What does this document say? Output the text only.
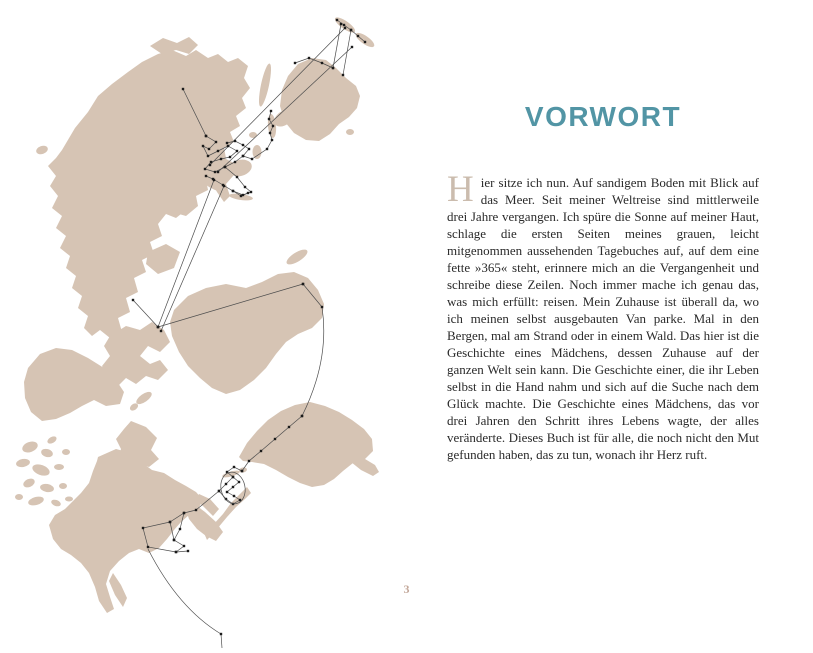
VORWORT

Hier sitze ich nun. Auf sandigem Boden mit Blick auf das Meer. Seit meiner Weltreise sind mittlerweile drei Jahre vergangen. Ich spüre die Sonne auf meiner Haut, schlage die ersten Seiten meines grauen, leicht mitgenommen aussehenden Tagebuches auf, auf dem eine fette »365« steht, erinnere mich an die Vergangenheit und schreibe diese Zeilen. Noch immer mache ich genau das, was mich erfüllt: reisen. Mein Zuhause ist überall da, wo ich meinen selbst ausgebauten Van parke. Mal in den Bergen, mal am Strand oder in einem Wald. Das hier ist die Geschichte eines Mädchens, dessen Zuhause auf der ganzen Welt sein kann. Die Geschichte einer, die ihr Leben selbst in die Hand nahm und sich auf die Suche nach dem Glück machte. Die Geschichte eines Mädchens, das vor drei Jahren den Schritt ihres Lebens wagte, der alles veränderte. Dieses Buch ist für alle, die noch nicht den Mut gefunden haben, das zu tun, wonach ihr Herz ruft.

3
